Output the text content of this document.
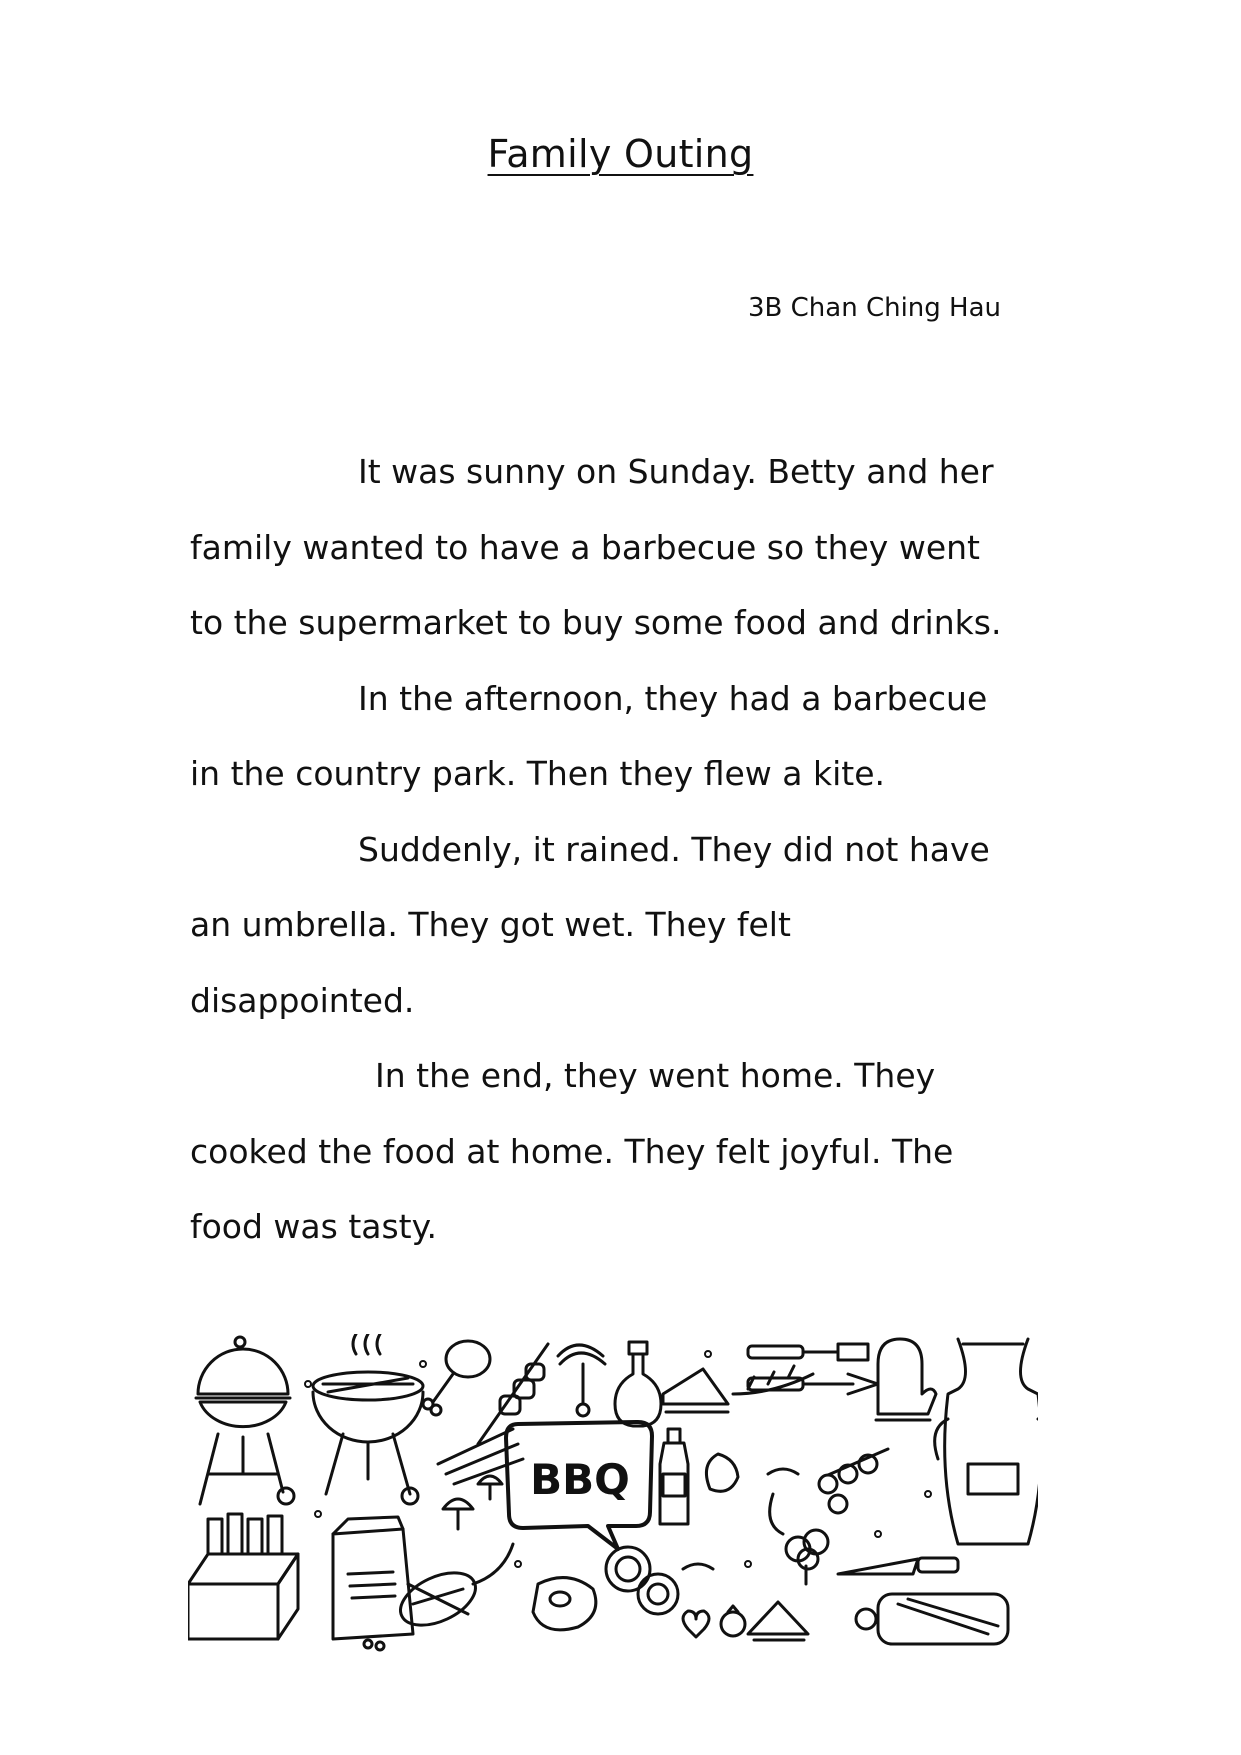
Family Outing
3B Chan Ching Hau

It was sunny on Sunday. Betty and her
family wanted to have a barbecue so they went
to the supermarket to buy some food and drinks.

In the afternoon, they had a barbecue
in the country park. Then they flew a kite.

Suddenly, it rained. They did not have
an umbrella. They got wet. They felt
disappointed.

In the end, they went home. They
cooked the food at home. They felt joyful. The
food was tasty.

BBQ
